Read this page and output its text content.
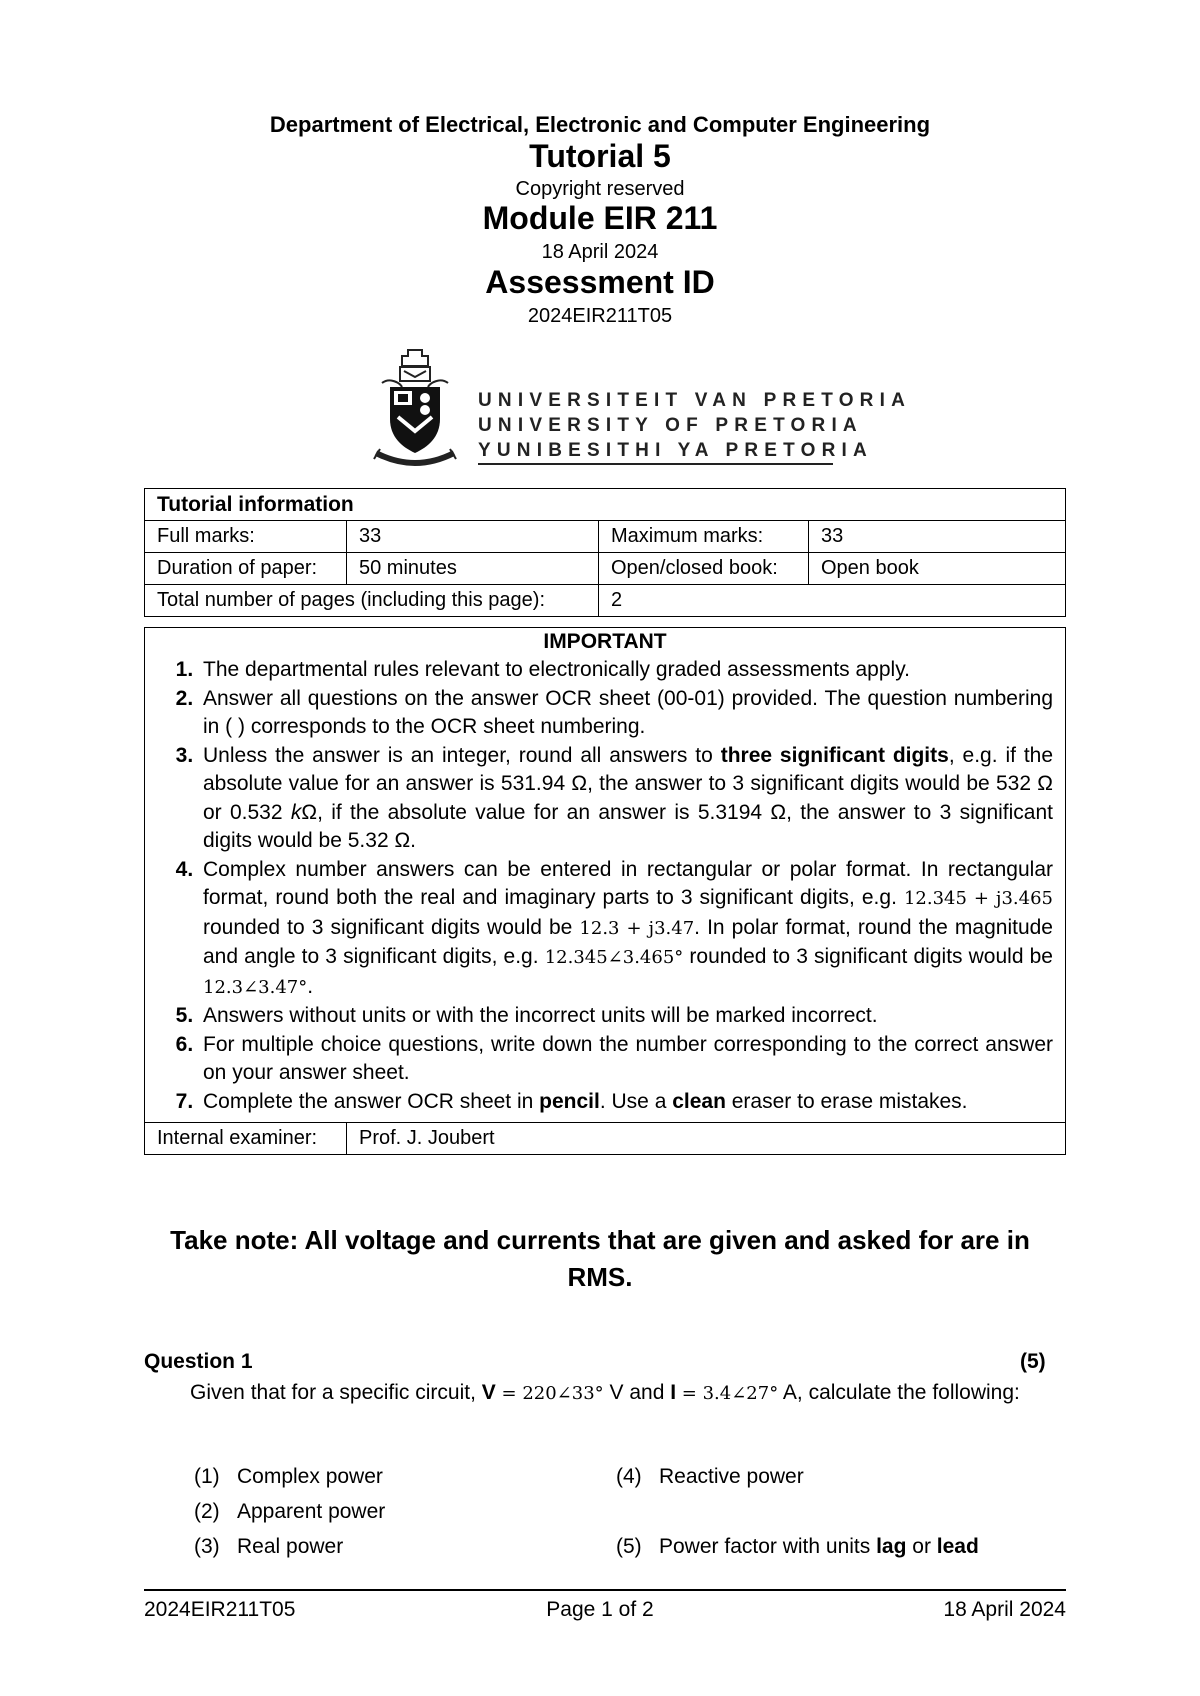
Department of Electrical, Electronic and Computer Engineering
Tutorial 5
Copyright reserved
Module EIR 211
18 April 2024
Assessment ID
2024EIR211T05
UNIVERSITEIT VAN PRETORIA
UNIVERSITY OF PRETORIA
YUNIBESITHI YA PRETORIA
Tutorial information			
Full marks:	33	Maximum marks:	33
Duration of paper:	50 minutes	Open/closed book:	Open book
Total number of pages (including this page):		2	
IMPORTANT
1. The departmental rules relevant to electronically graded assessments apply.
2. Answer all questions on the answer OCR sheet (00-01) provided. The question numbering in ( ) corresponds to the OCR sheet numbering.
3. Unless the answer is an integer, round all answers to three significant digits, e.g. if the absolute value for an answer is 531.94 Ω, the answer to 3 significant digits would be 532 Ω or 0.532 kΩ, if the absolute value for an answer is 5.3194 Ω, the answer to 3 significant digits would be 5.32 Ω.
4. Complex number answers can be entered in rectangular or polar format. In rectangular format, round both the real and imaginary parts to 3 significant digits, e.g. 12.345 + j3.465 rounded to 3 significant digits would be 12.3 + j3.47. In polar format, round the magnitude and angle to 3 significant digits, e.g. 12.345∠3.465° rounded to 3 significant digits would be 12.3∠3.47°.
5. Answers without units or with the incorrect units will be marked incorrect.
6. For multiple choice questions, write down the number corresponding to the correct answer on your answer sheet.
7. Complete the answer OCR sheet in pencil. Use a clean eraser to erase mistakes.

Internal examiner:	Prof. J. Joubert
Take note: All voltage and currents that are given and asked for are in RMS.
Question 1	(5)
Given that for a specific circuit, V = 220∠33° V and I = 3.4∠27° A, calculate the following:
(1) Complex power
(2) Apparent power
(3) Real power
(4) Reactive power
(5) Power factor with units lag or lead
2024EIR211T05	Page 1 of 2	18 April 2024
